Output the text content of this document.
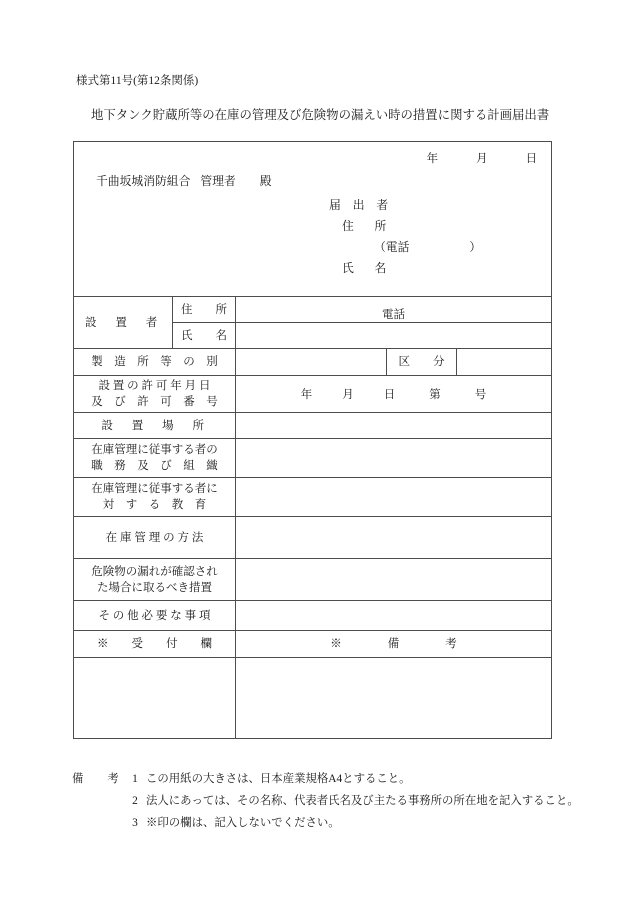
様式第11号(第12条関係)
地下タンク貯蔵所等の在庫の管理及び危険物の漏えい時の措置に関する計画届出書
年	月	日
千曲坂城消防組合 管理者 殿
届 出 者
住　所
（電話	）
氏　名

設　置　者	住　　所	電話		

	氏　　名			

製　造　所　等　の　別			区　　分	

設 置 の 許 可 年 月 日
及　び　許　可　番　号		年 月 日 第 号		

設　置　場　所				

在庫管理に従事する者の
職　務　及　び　組　織				

在庫管理に従事する者に
対　す　る　教　育				

在 庫 管 理 の 方 法				

危険物の漏れが確認され
た場合に取るべき措置				

そ の 他 必 要 な 事 項				

※　　受　　付　　欄		※　　　　備　　　　考		

備　考 1 この用紙の大きさは、日本産業規格A4とすること。
2 法人にあっては、その名称、代表者氏名及び主たる事務所の所在地を記入すること。
3 ※印の欄は、記入しないでください。
